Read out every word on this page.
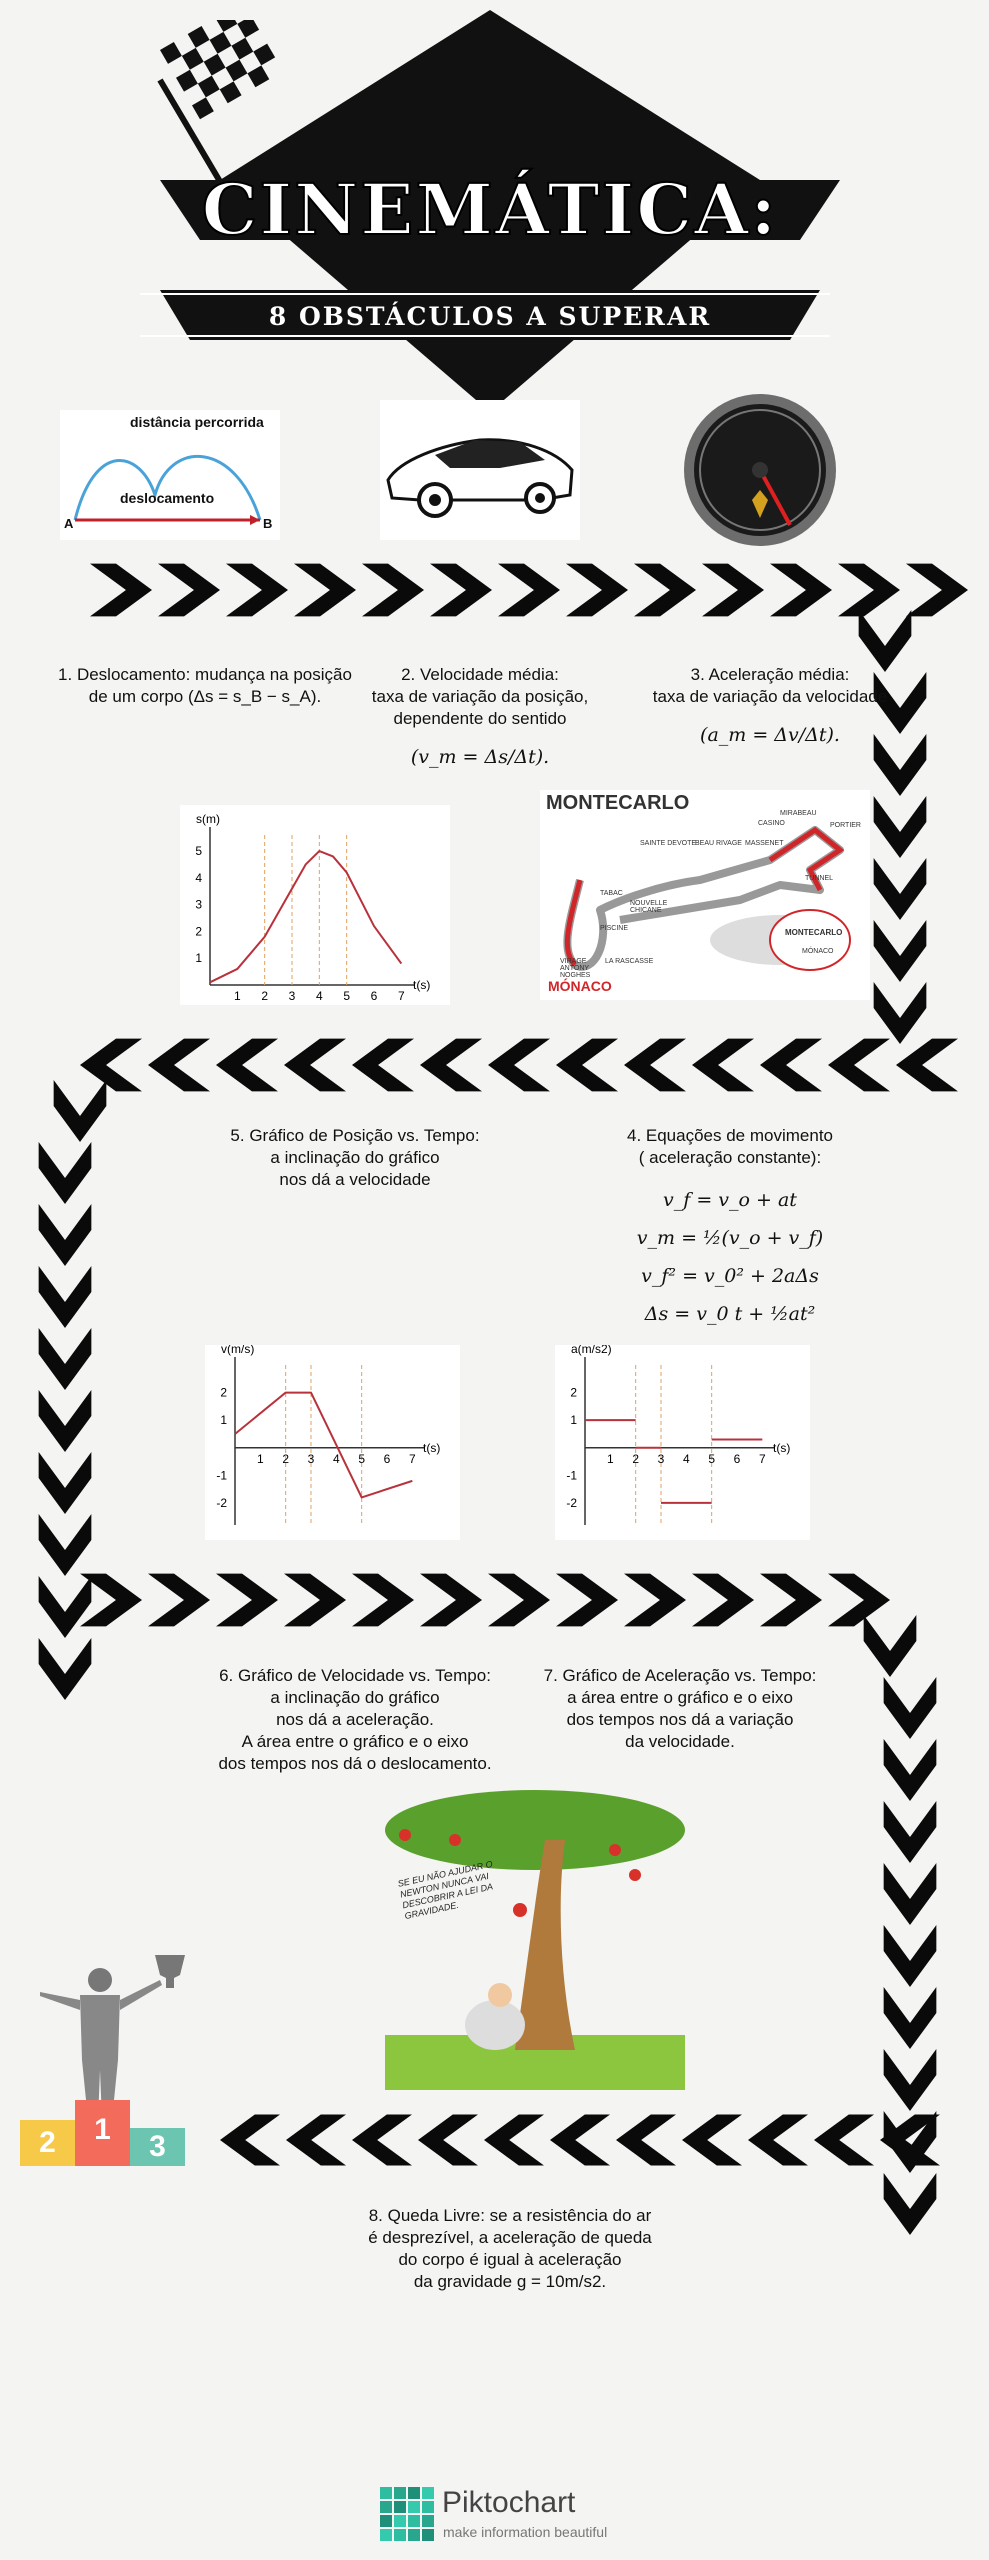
CINEMÁTICA:
8 OBSTÁCULOS A SUPERAR
distância percorrida
deslocamento
A	B
1. Deslocamento: mudança na posição
de um corpo (Δs = s_B − s_A).
2. Velocidade média:
taxa de variação da posição,
dependente do sentido
(v_m = Δs/Δt).
3. Aceleração média:
taxa de variação da velocidade
(a_m = Δv/Δt).
1 2 3 4 5 6 7
1
2
3
4
5
s(m)
t(s)
MONTECARLO
SAINTE DEVOTE
BEAU RIVAGE MASSENET
MIRABEAU
PORTIER
CASINO
TUNNEL
TABAC
NOUVELLE CHICANE
PISCINE
VIRAGE ANTONY NOGHES
LA RASCASSE
MÓNACO
MONTECARLO
MÓNACO
5. Gráfico de Posição vs. Tempo:
a inclinação do gráfico
nos dá a velocidade
4. Equações de movimento
( aceleração constante):
v_f = v_o + at
v_m = ½(v_o + v_f)
v_f² = v_0² + 2aΔs
Δs = v_0 t + ½at²
1 2 3 4 5 6 7
2
1
-1
-2
v(m/s)
t(s)
1 2 3 4 5 6 7
2
1
-1
-2
a(m/s2)
t(s)
6. Gráfico de Velocidade vs. Tempo:
a inclinação do gráfico
nos dá a aceleração.
A área entre o gráfico e o eixo
dos tempos nos dá o deslocamento.
7. Gráfico de Aceleração vs. Tempo:
a área entre o gráfico e o eixo
dos tempos nos dá a variação
da velocidade.
SE EU NÃO AJUDAR O NEWTON NUNCA VAI DESCOBRIR A LEI DA GRAVIDADE.
2	1
3
8. Queda Livre: se a resistência do ar
é desprezível, a aceleração de queda
do corpo é igual à aceleração
da gravidade g = 10m/s2.
Piktochart
make information beautiful
